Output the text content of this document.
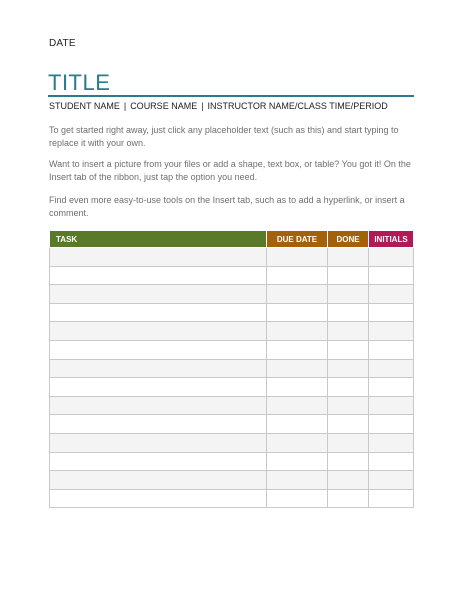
DATE
TITLE
STUDENT NAME | COURSE NAME | INSTRUCTOR NAME/CLASS TIME/PERIOD
To get started right away, just click any placeholder text (such as this) and start typing to replace it with your own.
Want to insert a picture from your files or add a shape, text box, or table? You got it! On the Insert tab of the ribbon, just tap the option you need.
Find even more easy-to-use tools on the Insert tab, such as to add a hyperlink, or insert a comment.
TASK	DUE DATE	DONE	INITIALS
